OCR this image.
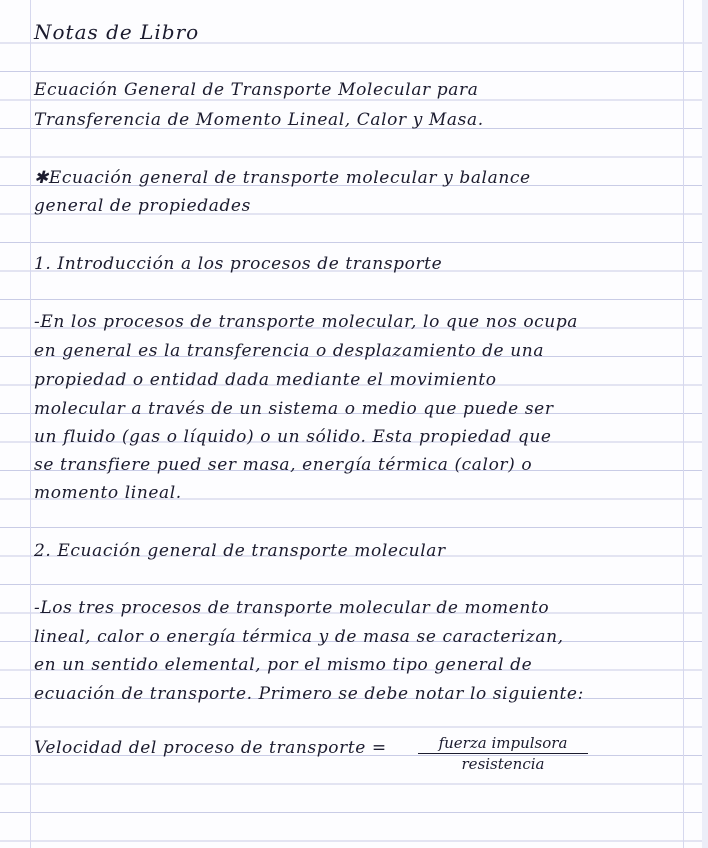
Notas de Libro
Ecuación General de Transporte Molecular para
Transferencia de Momento Lineal, Calor y Masa.
✱Ecuación general de transporte molecular y balance
general de propiedades
1. Introducción a los procesos de transporte
-En los procesos de transporte molecular, lo que nos ocupa
en general es la transferencia o desplazamiento de una
propiedad o entidad dada mediante el movimiento
molecular a través de un sistema o medio que puede ser
un fluido (gas o líquido) o un sólido. Esta propiedad que
se transfiere pued ser masa, energía térmica (calor) o
momento lineal.
2. Ecuación general de transporte molecular
-Los tres procesos de transporte molecular de momento
lineal, calor o energía térmica y de masa se caracterizan,
en un sentido elemental, por el mismo tipo general de
ecuación de transporte. Primero se debe notar lo siguiente:
Velocidad del proceso de transporte =	fuerza impulsora
resistencia
